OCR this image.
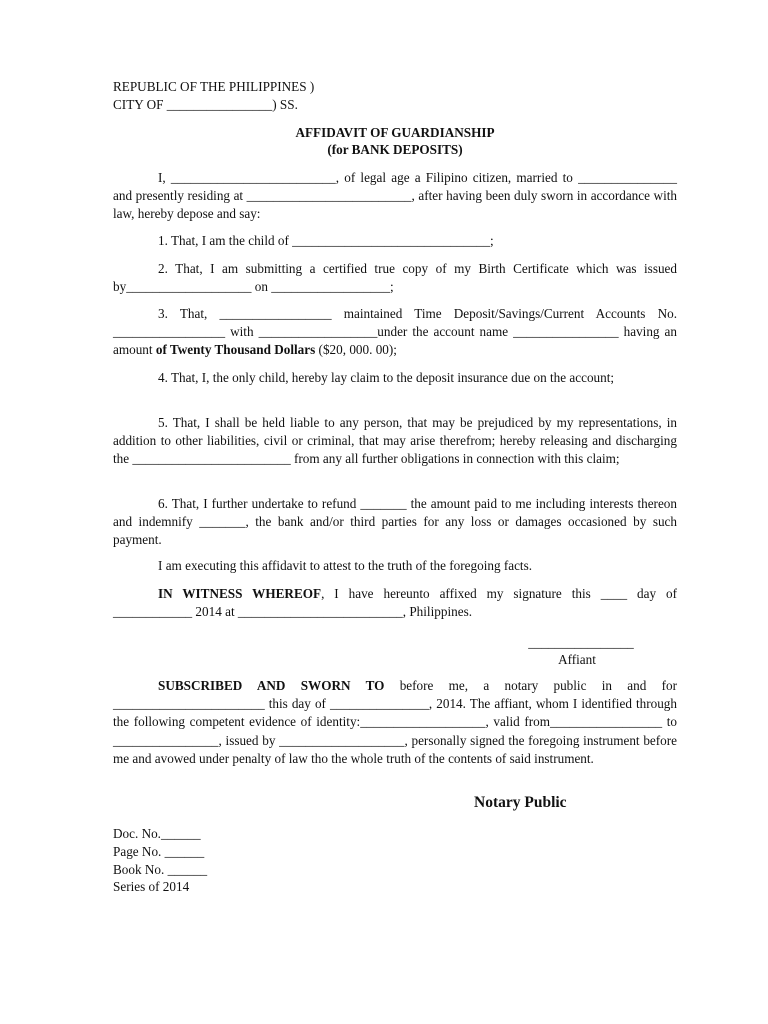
REPUBLIC OF THE PHILIPPINES )
CITY OF ________________) SS.
AFFIDAVIT OF GUARDIANSHIP
(for BANK DEPOSITS)
I, _________________________, of legal age a Filipino citizen, married to _______________ and presently residing at _________________________, after having been duly sworn in accordance with law, hereby depose and say:
1. That, I am the child of ______________________________;
2. That, I am submitting a certified true copy of my Birth Certificate which was issued by___________________ on __________________;
3. That, _________________ maintained Time Deposit/Savings/Current Accounts No. _________________ with __________________under the account name ________________ having an amount of Twenty Thousand Dollars ($20, 000. 00);
4. That, I, the only child, hereby lay claim to the deposit insurance due on the account;
5. That, I shall be held liable to any person, that may be prejudiced by my representations, in addition to other liabilities, civil or criminal, that may arise therefrom; hereby releasing and discharging the ________________________ from any all further obligations in connection with this claim;
6. That, I further undertake to refund _______ the amount paid to me including interests thereon and indemnify _______, the bank and/or third parties for any loss or damages occasioned by such payment.
I am executing this affidavit to attest to the truth of the foregoing facts.
IN WITNESS WHEREOF, I have hereunto affixed my signature this ____ day of ____________ 2014 at _________________________, Philippines.
________________
Affiant
SUBSCRIBED AND SWORN TO before me, a notary public in and for _______________________ this day of _______________, 2014. The affiant, whom I identified through the following competent evidence of identity:___________________, valid from_________________ to ________________, issued by ___________________, personally signed the foregoing instrument before me and avowed under penalty of law tho the whole truth of the contents of said instrument.
Notary Public
Doc. No.______
Page No. ______
Book No. ______
Series of 2014
